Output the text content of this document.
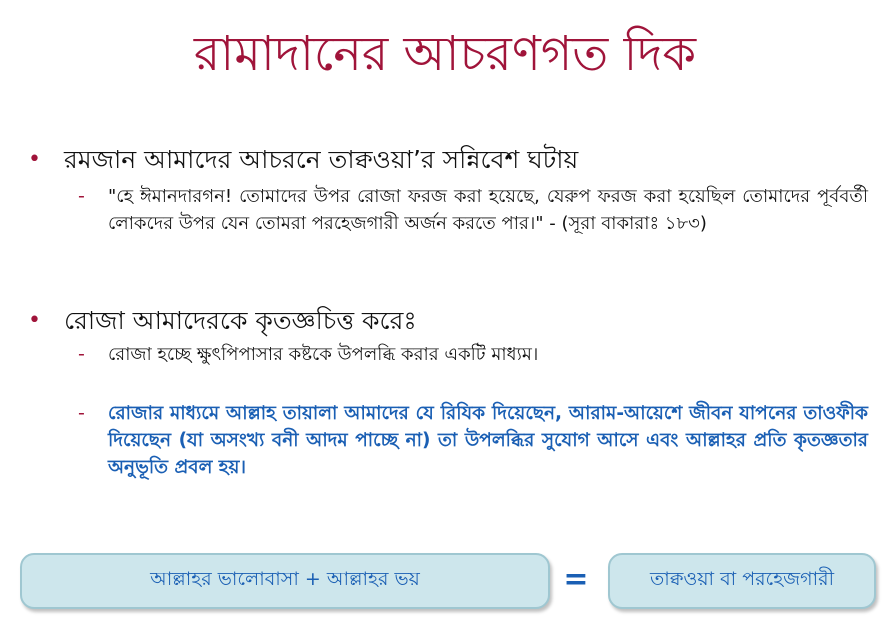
রামাদানের আচরণগত দিক
• রমজান আমাদের আচরনে তাক্বওয়া’র সন্নিবেশ ঘটায়
-	"হে ঈমানদারগন! তোমাদের উপর রোজা ফরজ করা হয়েছে, যেরুপ ফরজ করা হয়েছিল তোমাদের পূর্ববর্তী লোকদের উপর যেন তোমরা পরহেজগারী অর্জন করতে পার।" - (সূরা বাকারাঃ ১৮৩)
• রোজা আমাদেরকে কৃতজ্ঞচিত্ত করেঃ
-	রোজা হচ্ছে ক্ষুৎপিপাসার কষ্টকে উপলব্ধি করার একটি মাধ্যম।
-	রোজার মাধ্যমে আল্লাহ তায়ালা আমাদের যে রিযিক দিয়েছেন, আরাম-আয়েশে জীবন যাপনের তাওফীক দিয়েছেন (যা অসংখ্য বনী আদম পাচ্ছে না) তা উপলব্ধির সুযোগ আসে এবং আল্লাহর প্রতি কৃতজ্ঞতার অনুভূতি প্রবল হয়।
আল্লাহর ভালোবাসা + আল্লাহর ভয়	=	তাক্বওয়া বা পরহেজগারী
